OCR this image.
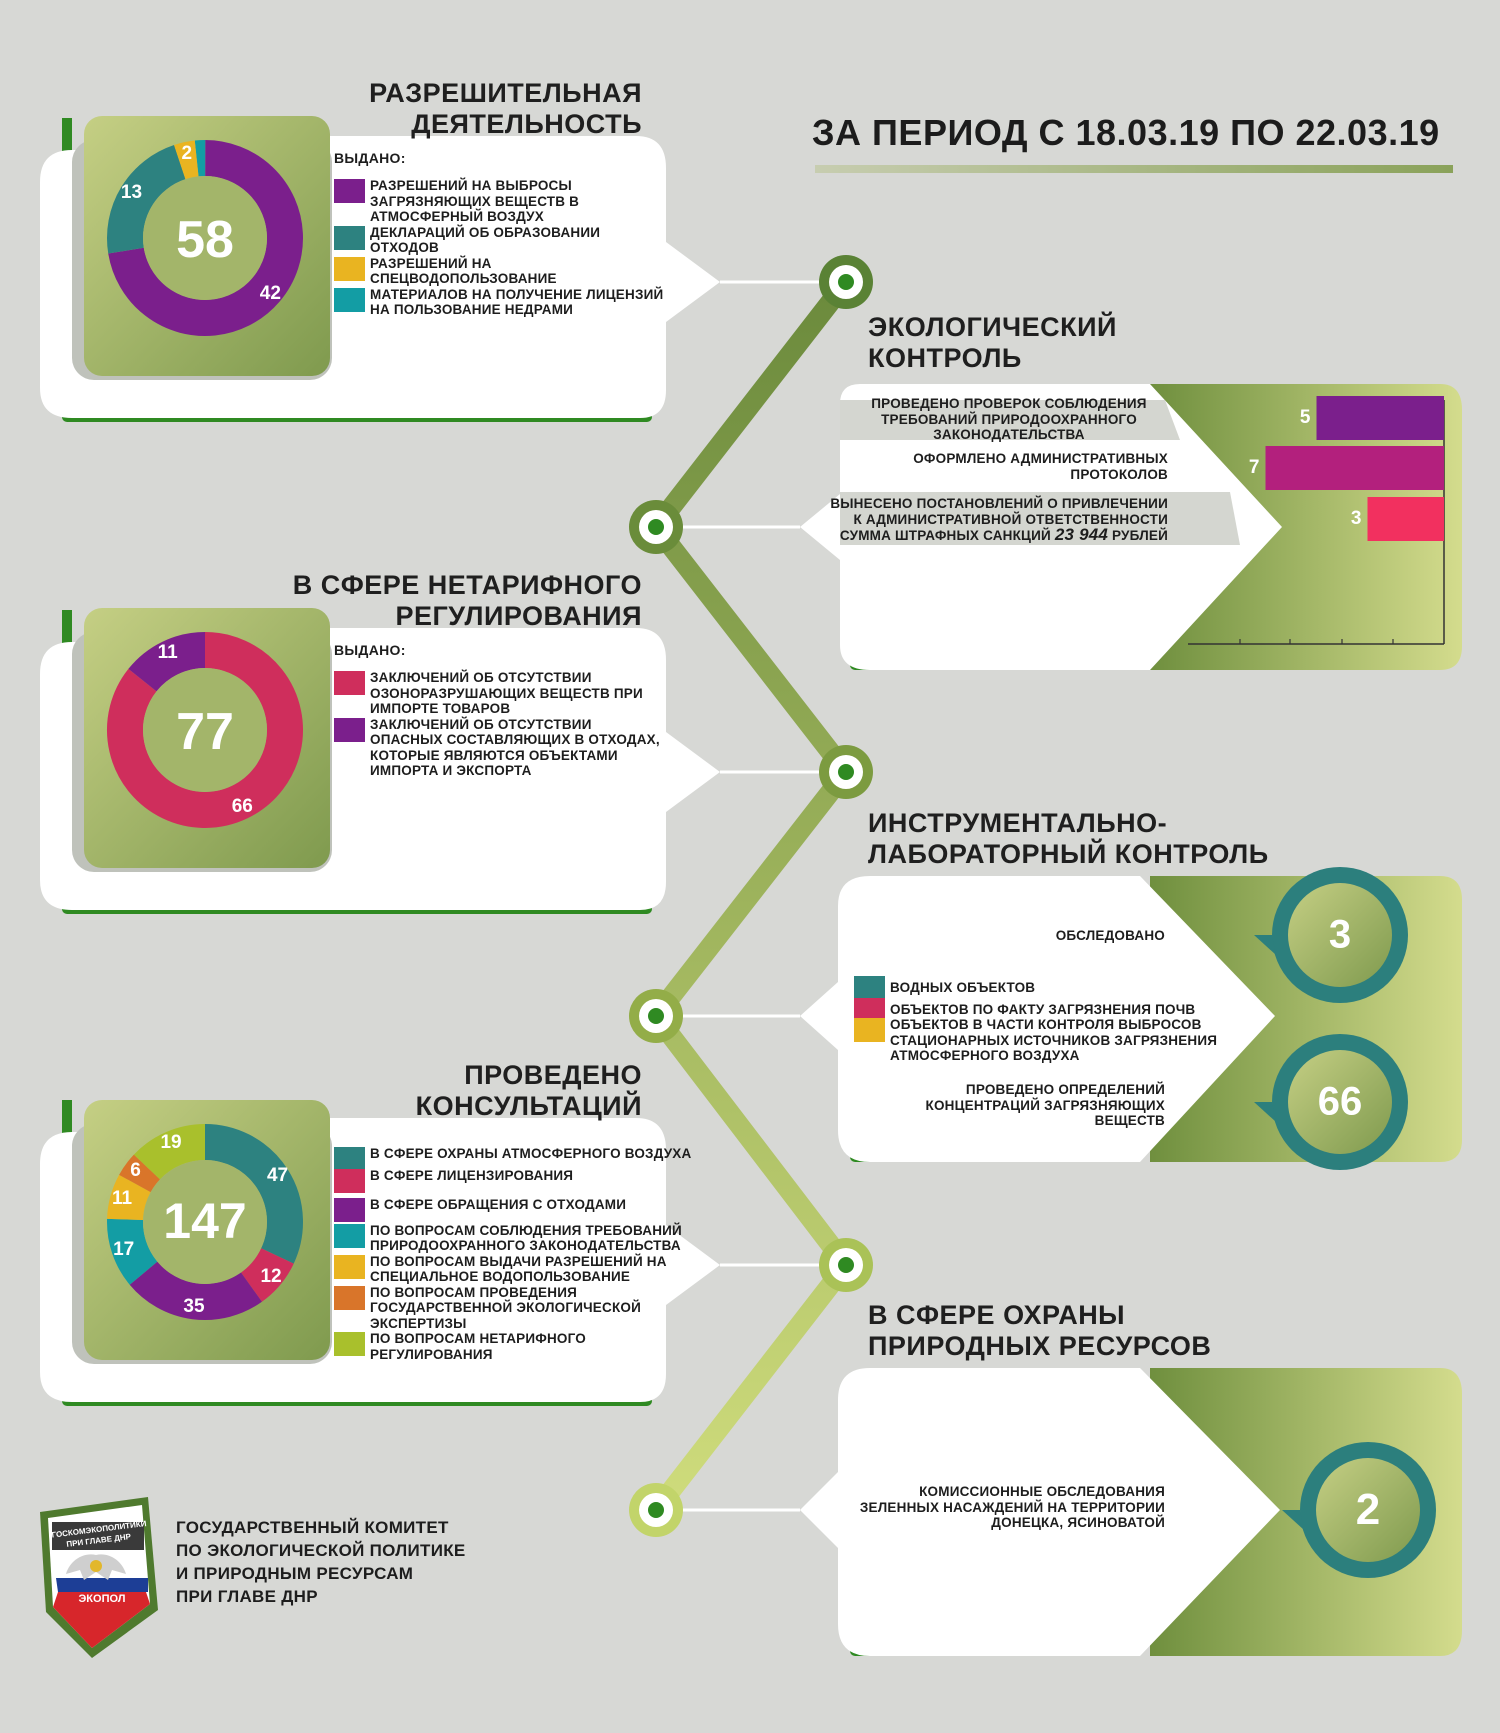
ЗА ПЕРИОД С 18.03.19 ПО 22.03.19
РАЗРЕШИТЕЛЬНАЯ
ДЕЯТЕЛЬНОСТЬ
58
ВЫДАНО:
РАЗРЕШЕНИЙ НА ВЫБРОСЫ ЗАГРЯЗНЯЮЩИХ ВЕЩЕСТВ В АТМОСФЕРНЫЙ ВОЗДУХ
ДЕКЛАРАЦИЙ ОБ ОБРАЗОВАНИИ ОТХОДОВ
РАЗРЕШЕНИЙ НА СПЕЦВОДОПОЛЬЗОВАНИЕ
МАТЕРИАЛОВ НА ПОЛУЧЕНИЕ ЛИЦЕНЗИЙ НА ПОЛЬЗОВАНИЕ НЕДРАМИ
ЭКОЛОГИЧЕСКИЙ
КОНТРОЛЬ
ПРОВЕДЕНО ПРОВЕРОК СОБЛЮДЕНИЯ ТРЕБОВАНИЙ ПРИРОДООХРАННОГО ЗАКОНОДАТЕЛЬСТВА
ОФОРМЛЕНО АДМИНИСТРАТИВНЫХ ПРОТОКОЛОВ
ВЫНЕСЕНО ПОСТАНОВЛЕНИЙ О ПРИВЛЕЧЕНИИ
К АДМИНИСТРАТИВНОЙ ОТВЕТСТВЕННОСТИ
СУММА ШТРАФНЫХ САНКЦИЙ 23 944 РУБЛЕЙ
5
7
3
В СФЕРЕ НЕТАРИФНОГО
РЕГУЛИРОВАНИЯ
77
ВЫДАНО:
ЗАКЛЮЧЕНИЙ ОБ ОТСУТСТВИИ ОЗОНОРАЗРУШАЮЩИХ ВЕЩЕСТВ ПРИ ИМПОРТЕ ТОВАРОВ
ЗАКЛЮЧЕНИЙ ОБ ОТСУТСТВИИ ОПАСНЫХ СОСТАВЛЯЮЩИХ В ОТХОДАХ, КОТОРЫЕ ЯВЛЯЮТСЯ ОБЪЕКТАМИ ИМПОРТА И ЭКСПОРТА
ИНСТРУМЕНТАЛЬНО-
ЛАБОРАТОРНЫЙ КОНТРОЛЬ
ОБСЛЕДОВАНО	3
ВОДНЫХ ОБЪЕКТОВ
ОБЪЕКТОВ ПО ФАКТУ ЗАГРЯЗНЕНИЯ ПОЧВ
ОБЪЕКТОВ В ЧАСТИ КОНТРОЛЯ ВЫБРОСОВ СТАЦИОНАРНЫХ ИСТОЧНИКОВ ЗАГРЯЗНЕНИЯ АТМОСФЕРНОГО ВОЗДУХА
ПРОВЕДЕНО ОПРЕДЕЛЕНИЙ КОНЦЕНТРАЦИЙ ЗАГРЯЗНЯЮЩИХ ВЕЩЕСТВ	66
ПРОВЕДЕНО
КОНСУЛЬТАЦИЙ
147
В СФЕРЕ ОХРАНЫ АТМОСФЕРНОГО ВОЗДУХА
В СФЕРЕ ЛИЦЕНЗИРОВАНИЯ
В СФЕРЕ ОБРАЩЕНИЯ С ОТХОДАМИ
ПО ВОПРОСАМ СОБЛЮДЕНИЯ ТРЕБОВАНИЙ ПРИРОДООХРАННОГО ЗАКОНОДАТЕЛЬСТВА
ПО ВОПРОСАМ ВЫДАЧИ РАЗРЕШЕНИЙ НА СПЕЦИАЛЬНОЕ ВОДОПОЛЬЗОВАНИЕ
ПО ВОПРОСАМ ПРОВЕДЕНИЯ ГОСУДАРСТВЕННОЙ ЭКОЛОГИЧЕСКОЙ ЭКСПЕРТИЗЫ
ПО ВОПРОСАМ НЕТАРИФНОГО РЕГУЛИРОВАНИЯ
В СФЕРЕ ОХРАНЫ
ПРИРОДНЫХ РЕСУРСОВ
КОМИССИОННЫЕ ОБСЛЕДОВАНИЯ ЗЕЛЕННЫХ НАСАЖДЕНИЙ НА ТЕРРИТОРИИ ДОНЕЦКА, ЯСИНОВАТОЙ	2
ГОСУДАРСТВЕННЫЙ КОМИТЕТ
ПО ЭКОЛОГИЧЕСКОЙ ПОЛИТИКЕ
И ПРИРОДНЫМ РЕСУРСАМ
ПРИ ГЛАВЕ ДНР
ГОСКОМЭКОПОЛИТИКИ ПРИ ГЛАВЕ ДНР
ЭКОПОЛ
42
13
2
66
11
47
12
35
17
11
6
19
